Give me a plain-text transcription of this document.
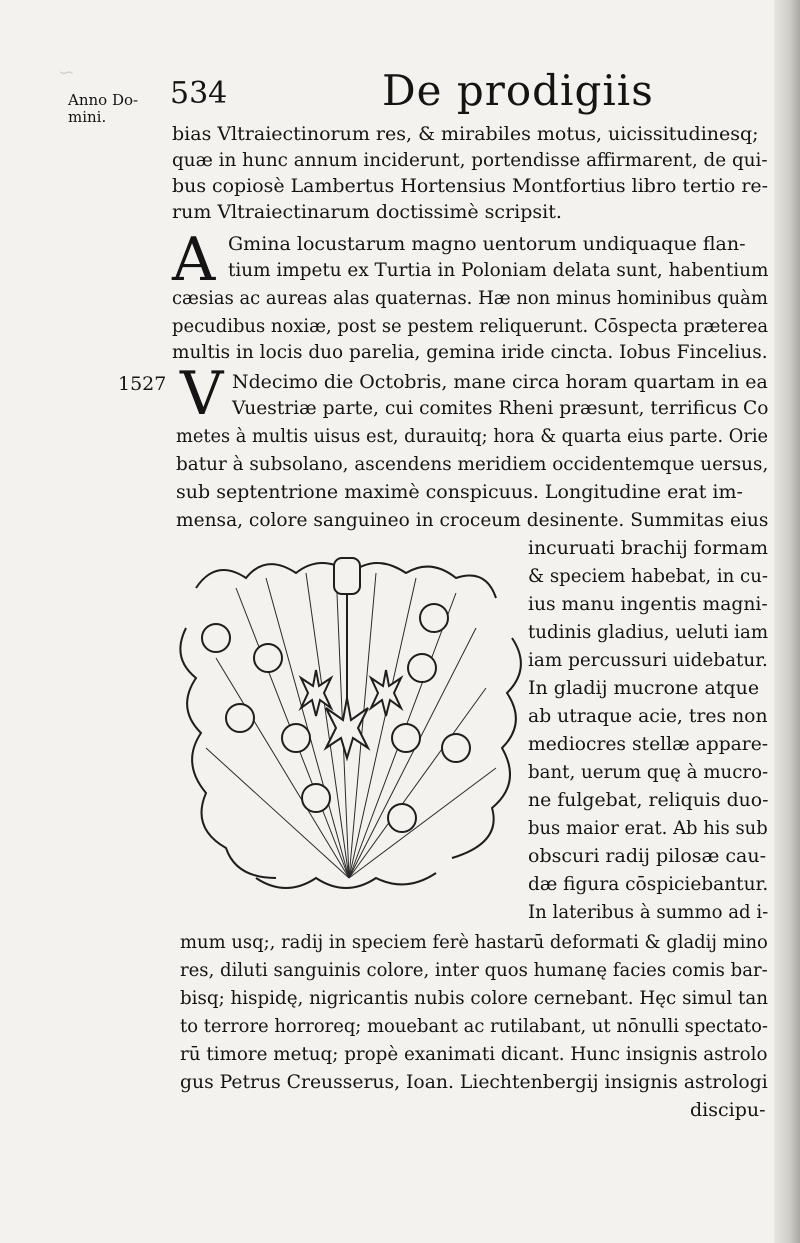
∽
Anno Do-
mini.
534	De prodigiis
bias Vltraiectinorum res, & mirabiles motus, uicissitudinesq;
quæ in hunc annum inciderunt, portendisse affirmarent, de qui-
bus copiosè Lambertus Hortensius Montfortius libro tertio re-
rum Vltraiectinarum doctissimè scripsit.
A Gmina locustarum magno uentorum undiquaque flan-
tium impetu ex Turtia in Poloniam delata sunt, habentium
cæsias ac aureas alas quaternas. Hæ non minus hominibus quàm
pecudibus noxiæ, post se pestem reliquerunt. Cōspecta præterea
multis in locis duo parelia, gemina iride cincta. Iobus Fincelius.
1527 V Ndecimo die Octobris, mane circa horam quartam in ea
Vuestriæ parte, cui comites Rheni præsunt, terrificus Co
metes à multis uisus est, durauitq; hora & quarta eius parte. Orie
batur à subsolano, ascendens meridiem occidentemque uersus,
sub septentrione maximè conspicuus. Longitudine erat im-
mensa, colore sanguineo in croceum desinente. Summitas eius
incuruati brachij formam
& speciem habebat, in cu-
ius manu ingentis magni-
tudinis gladius, ueluti iam
iam percussuri uidebatur.
In gladij mucrone atque
ab utraque acie, tres non
mediocres stellæ appare-
bant, uerum quę à mucro-
ne fulgebat, reliquis duo-
bus maior erat. Ab his sub
obscuri radij pilosæ cau-
dæ figura cōspiciebantur.
In lateribus à summo ad i-
mum usq;, radij in speciem ferè hastarū deformati & gladij mino
res, diluti sanguinis colore, inter quos humanę facies comis bar-
bisq; hispidę, nigricantis nubis colore cernebant. Hęc simul tan
to terrore horroreq; mouebant ac rutilabant, ut nōnulli spectato-
rū timore metuq; propè exanimati dicant. Hunc insignis astrolo
gus Petrus Creusserus, Ioan. Liechtenbergij insignis astrologi
discipu-
